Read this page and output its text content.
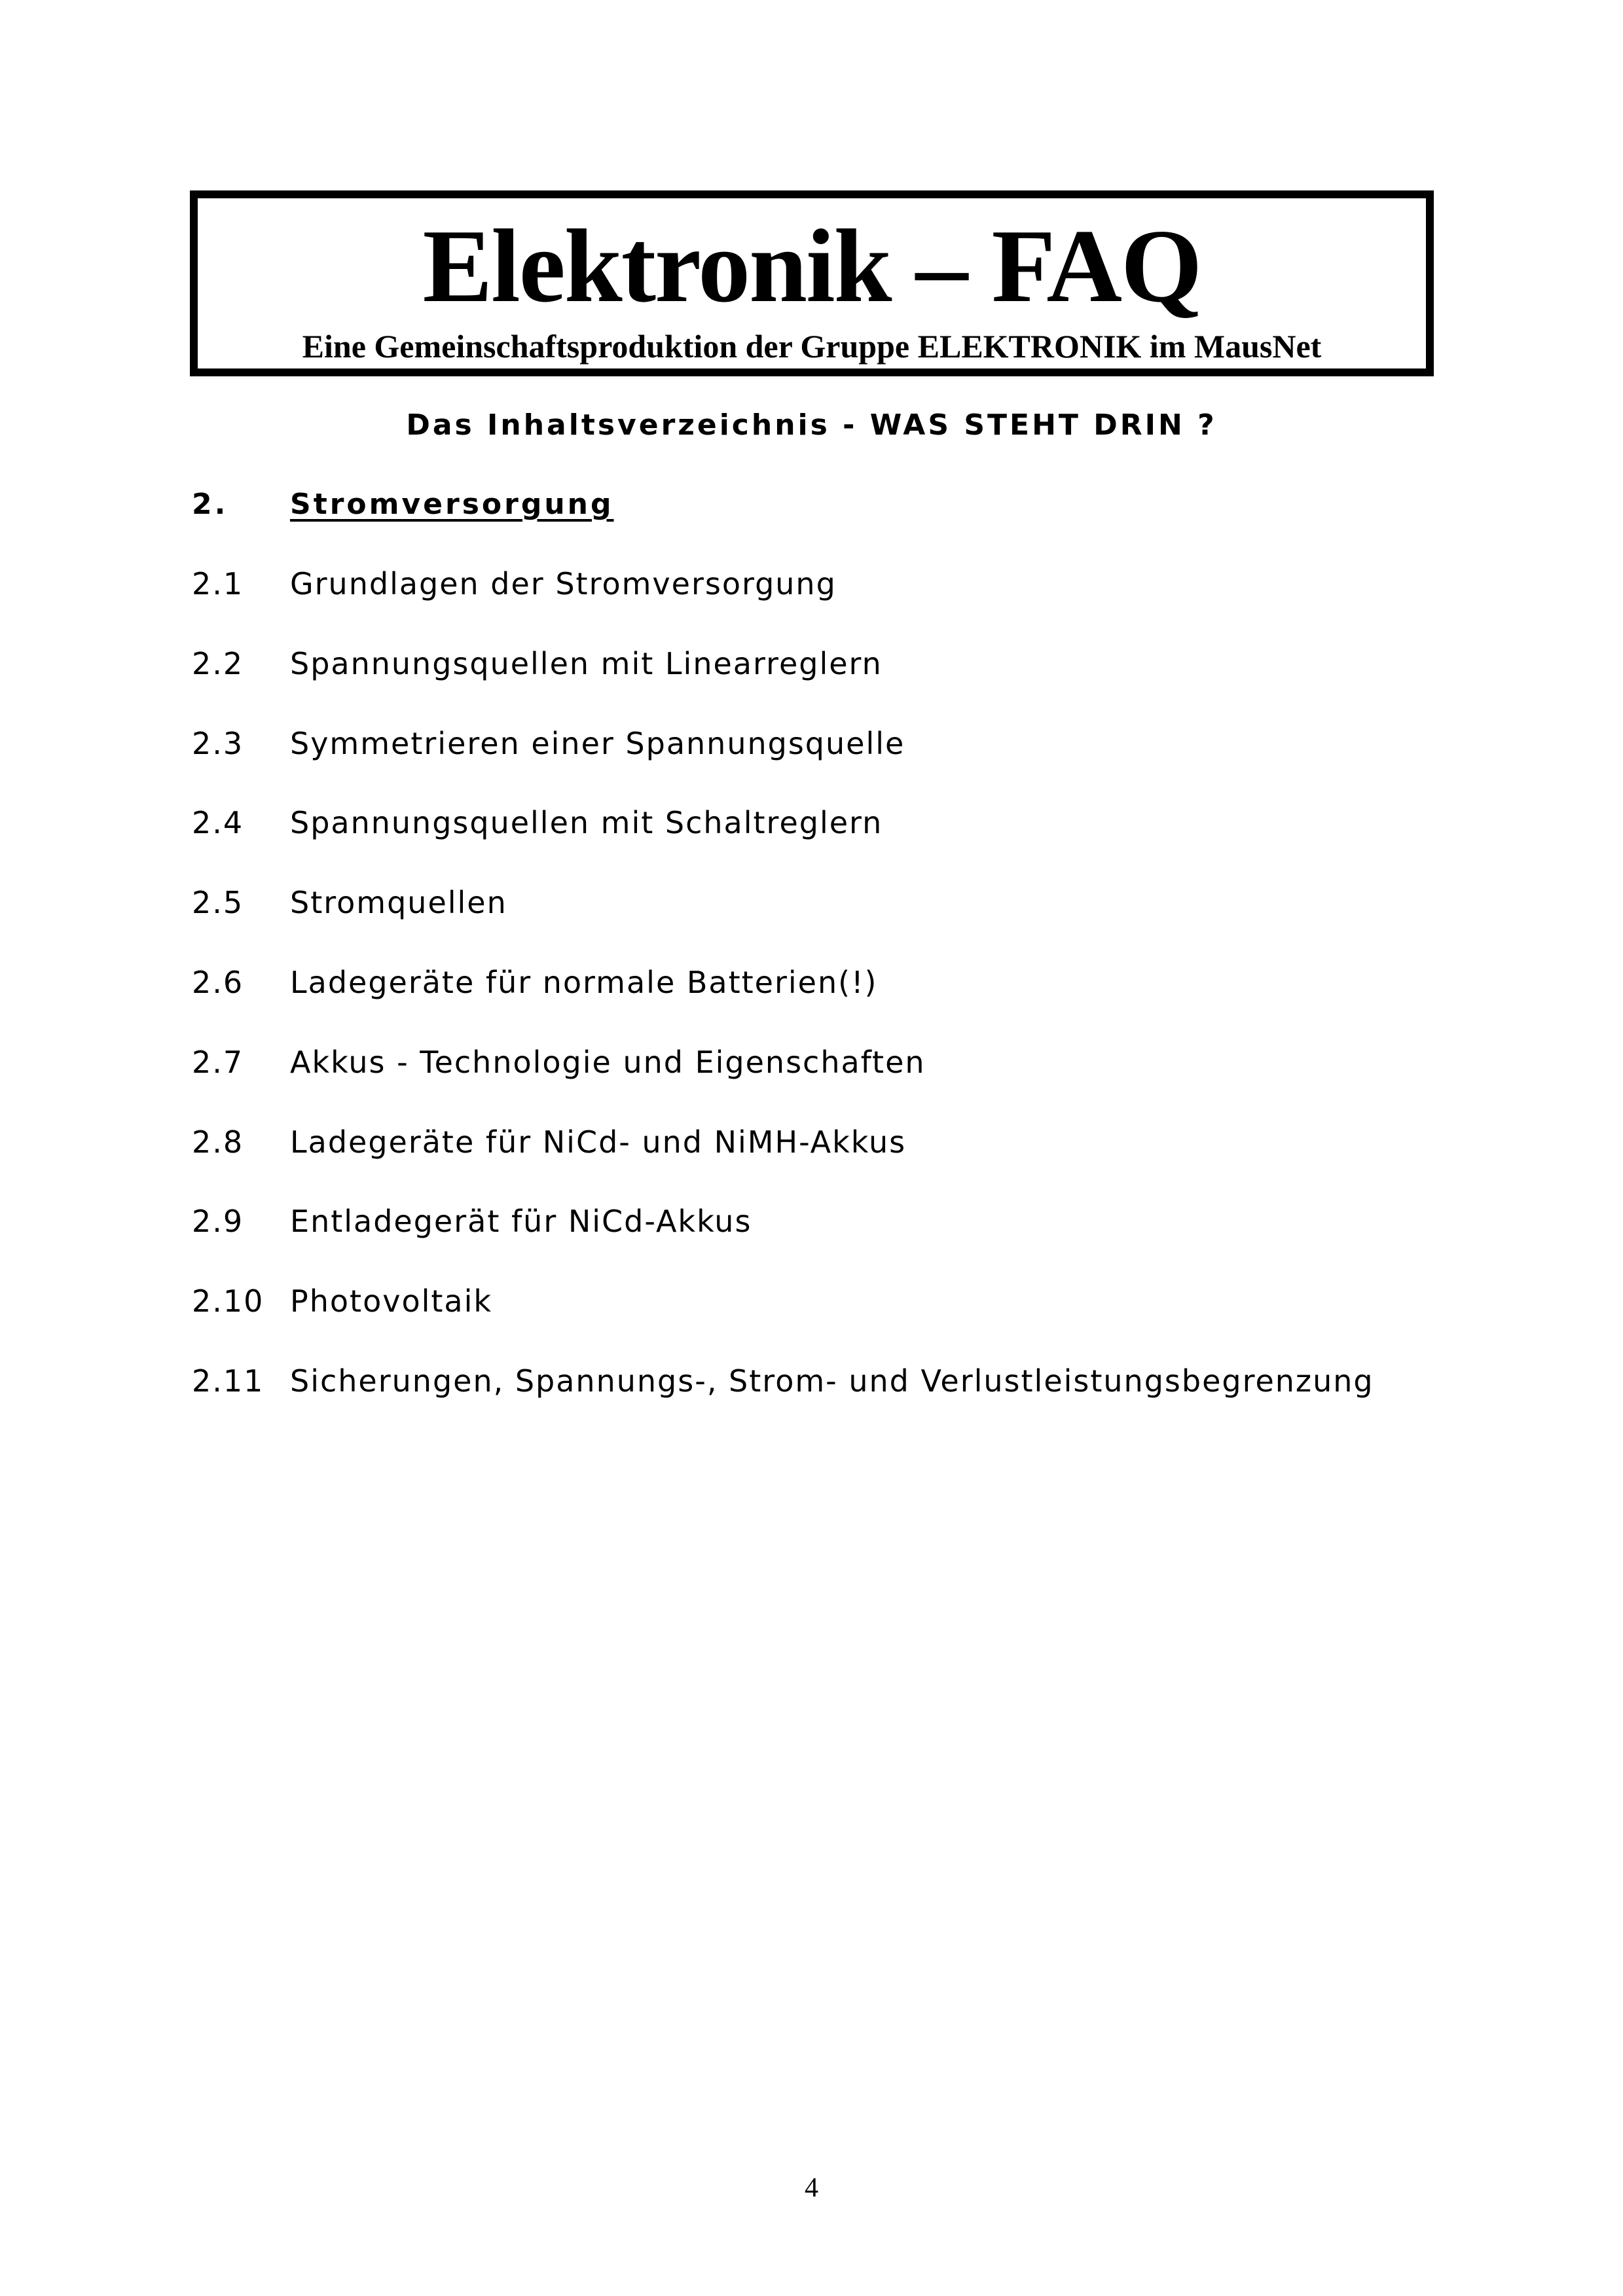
Elektronik – FAQ
Eine Gemeinschaftsproduktion der Gruppe ELEKTRONIK im MausNet
Das Inhaltsverzeichnis - WAS STEHT DRIN ?
2. Stromversorgung
2.1 Grundlagen der Stromversorgung
2.2 Spannungsquellen mit Linearreglern
2.3 Symmetrieren einer Spannungsquelle
2.4 Spannungsquellen mit Schaltreglern
2.5 Stromquellen
2.6 Ladegeräte für normale Batterien(!)
2.7 Akkus - Technologie und Eigenschaften
2.8 Ladegeräte für NiCd- und NiMH-Akkus
2.9 Entladegerät für NiCd-Akkus
2.10 Photovoltaik
2.11 Sicherungen, Spannungs-, Strom- und Verlustleistungsbegrenzung
4
